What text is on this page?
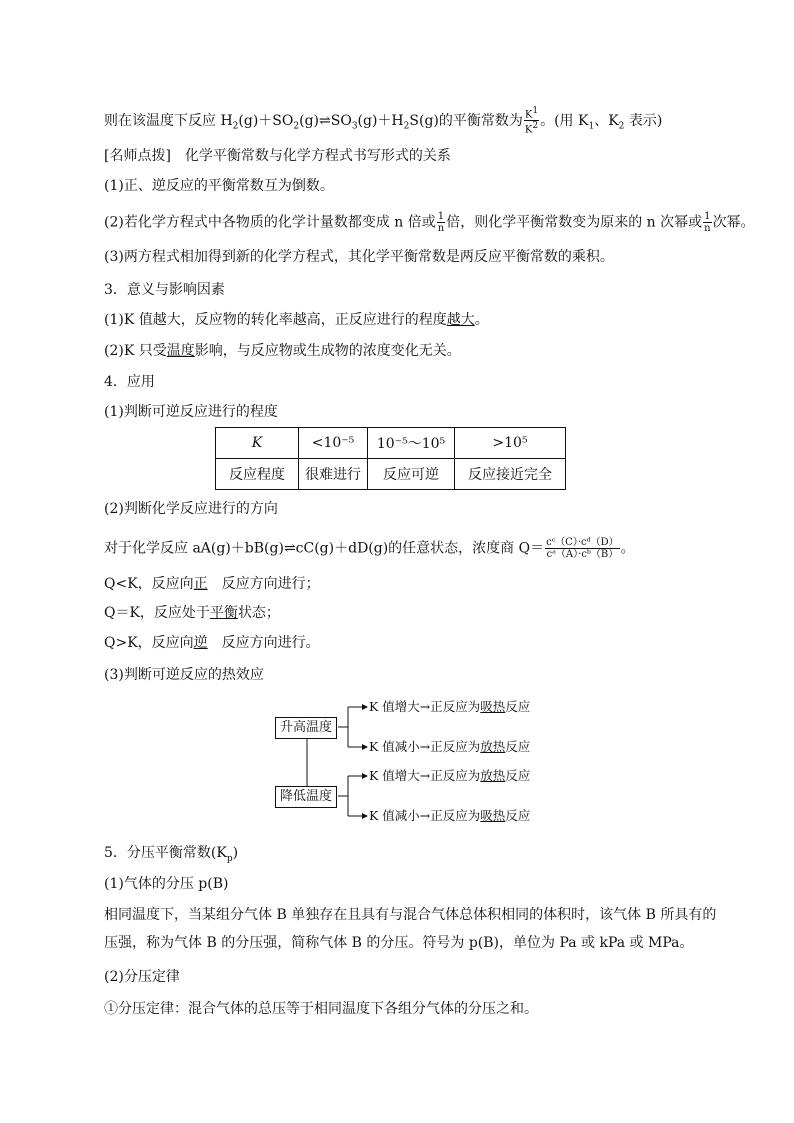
则在该温度下反应 $H_2(g)+SO_2(g)\rightleftharpoons SO_3(g)+H_2S(g)$的平衡常数为 $\frac{K1}{K2}$ 。(用 $K_1$、$K_2$ 表示)
[名师点拨]　化学平衡常数与化学方程式书写形式的关系
(1)正、逆反应的平衡常数互为倒数。
(2)若化学方程式中各物质的化学计量数都变成 n 倍或 $\frac{1}{n}$ 倍，则化学平衡常数变为原来的 n 次幂或 $\frac{1}{n}$ 次幂。
(3)两方程式相加得到新的化学方程式，其化学平衡常数是两反应平衡常数的乘积。
3．意义与影响因素
(1)K 值越大，反应物的转化率越高，正反应进行的程度越大。
(2)K 只受温度影响，与反应物或生成物的浓度变化无关。
4．应用
(1)判断可逆反应进行的程度
K	<10⁻⁵	10⁻⁵～10⁵	>10⁵
反应程度	很难进行	反应可逆	反应接近完全
(2)判断化学反应进行的方向
对于化学反应 aA(g)＋bB(g)⇌cC(g)＋dD(g)的任意状态，浓度商 $Q= \frac{\text{cᶜ（C）·cᵈ（D）}}{\text{cᵃ（A）·cᵇ（B）}}$ 。
Q<K，反应向正　反应方向进行；
Q＝K，反应处于平衡状态；
Q>K，反应向逆　反应方向进行。
(3)判断可逆反应的热效应
升高温度
降低温度
K 值增大→正反应为吸热反应
K 值减小→正反应为放热反应
K 值增大→正反应为放热反应
K 值减小→正反应为吸热反应
5．分压平衡常数$(K_p)$
(1)气体的分压 p(B)
相同温度下，当某组分气体 B 单独存在且具有与混合气体总体积相同的体积时，该气体 B 所具有的压强，称为气体 B 的分压强，简称气体 B 的分压。符号为 p(B)，单位为 Pa 或 kPa 或 MPa。
(2)分压定律
①分压定律：混合气体的总压等于相同温度下各组分气体的分压之和。
